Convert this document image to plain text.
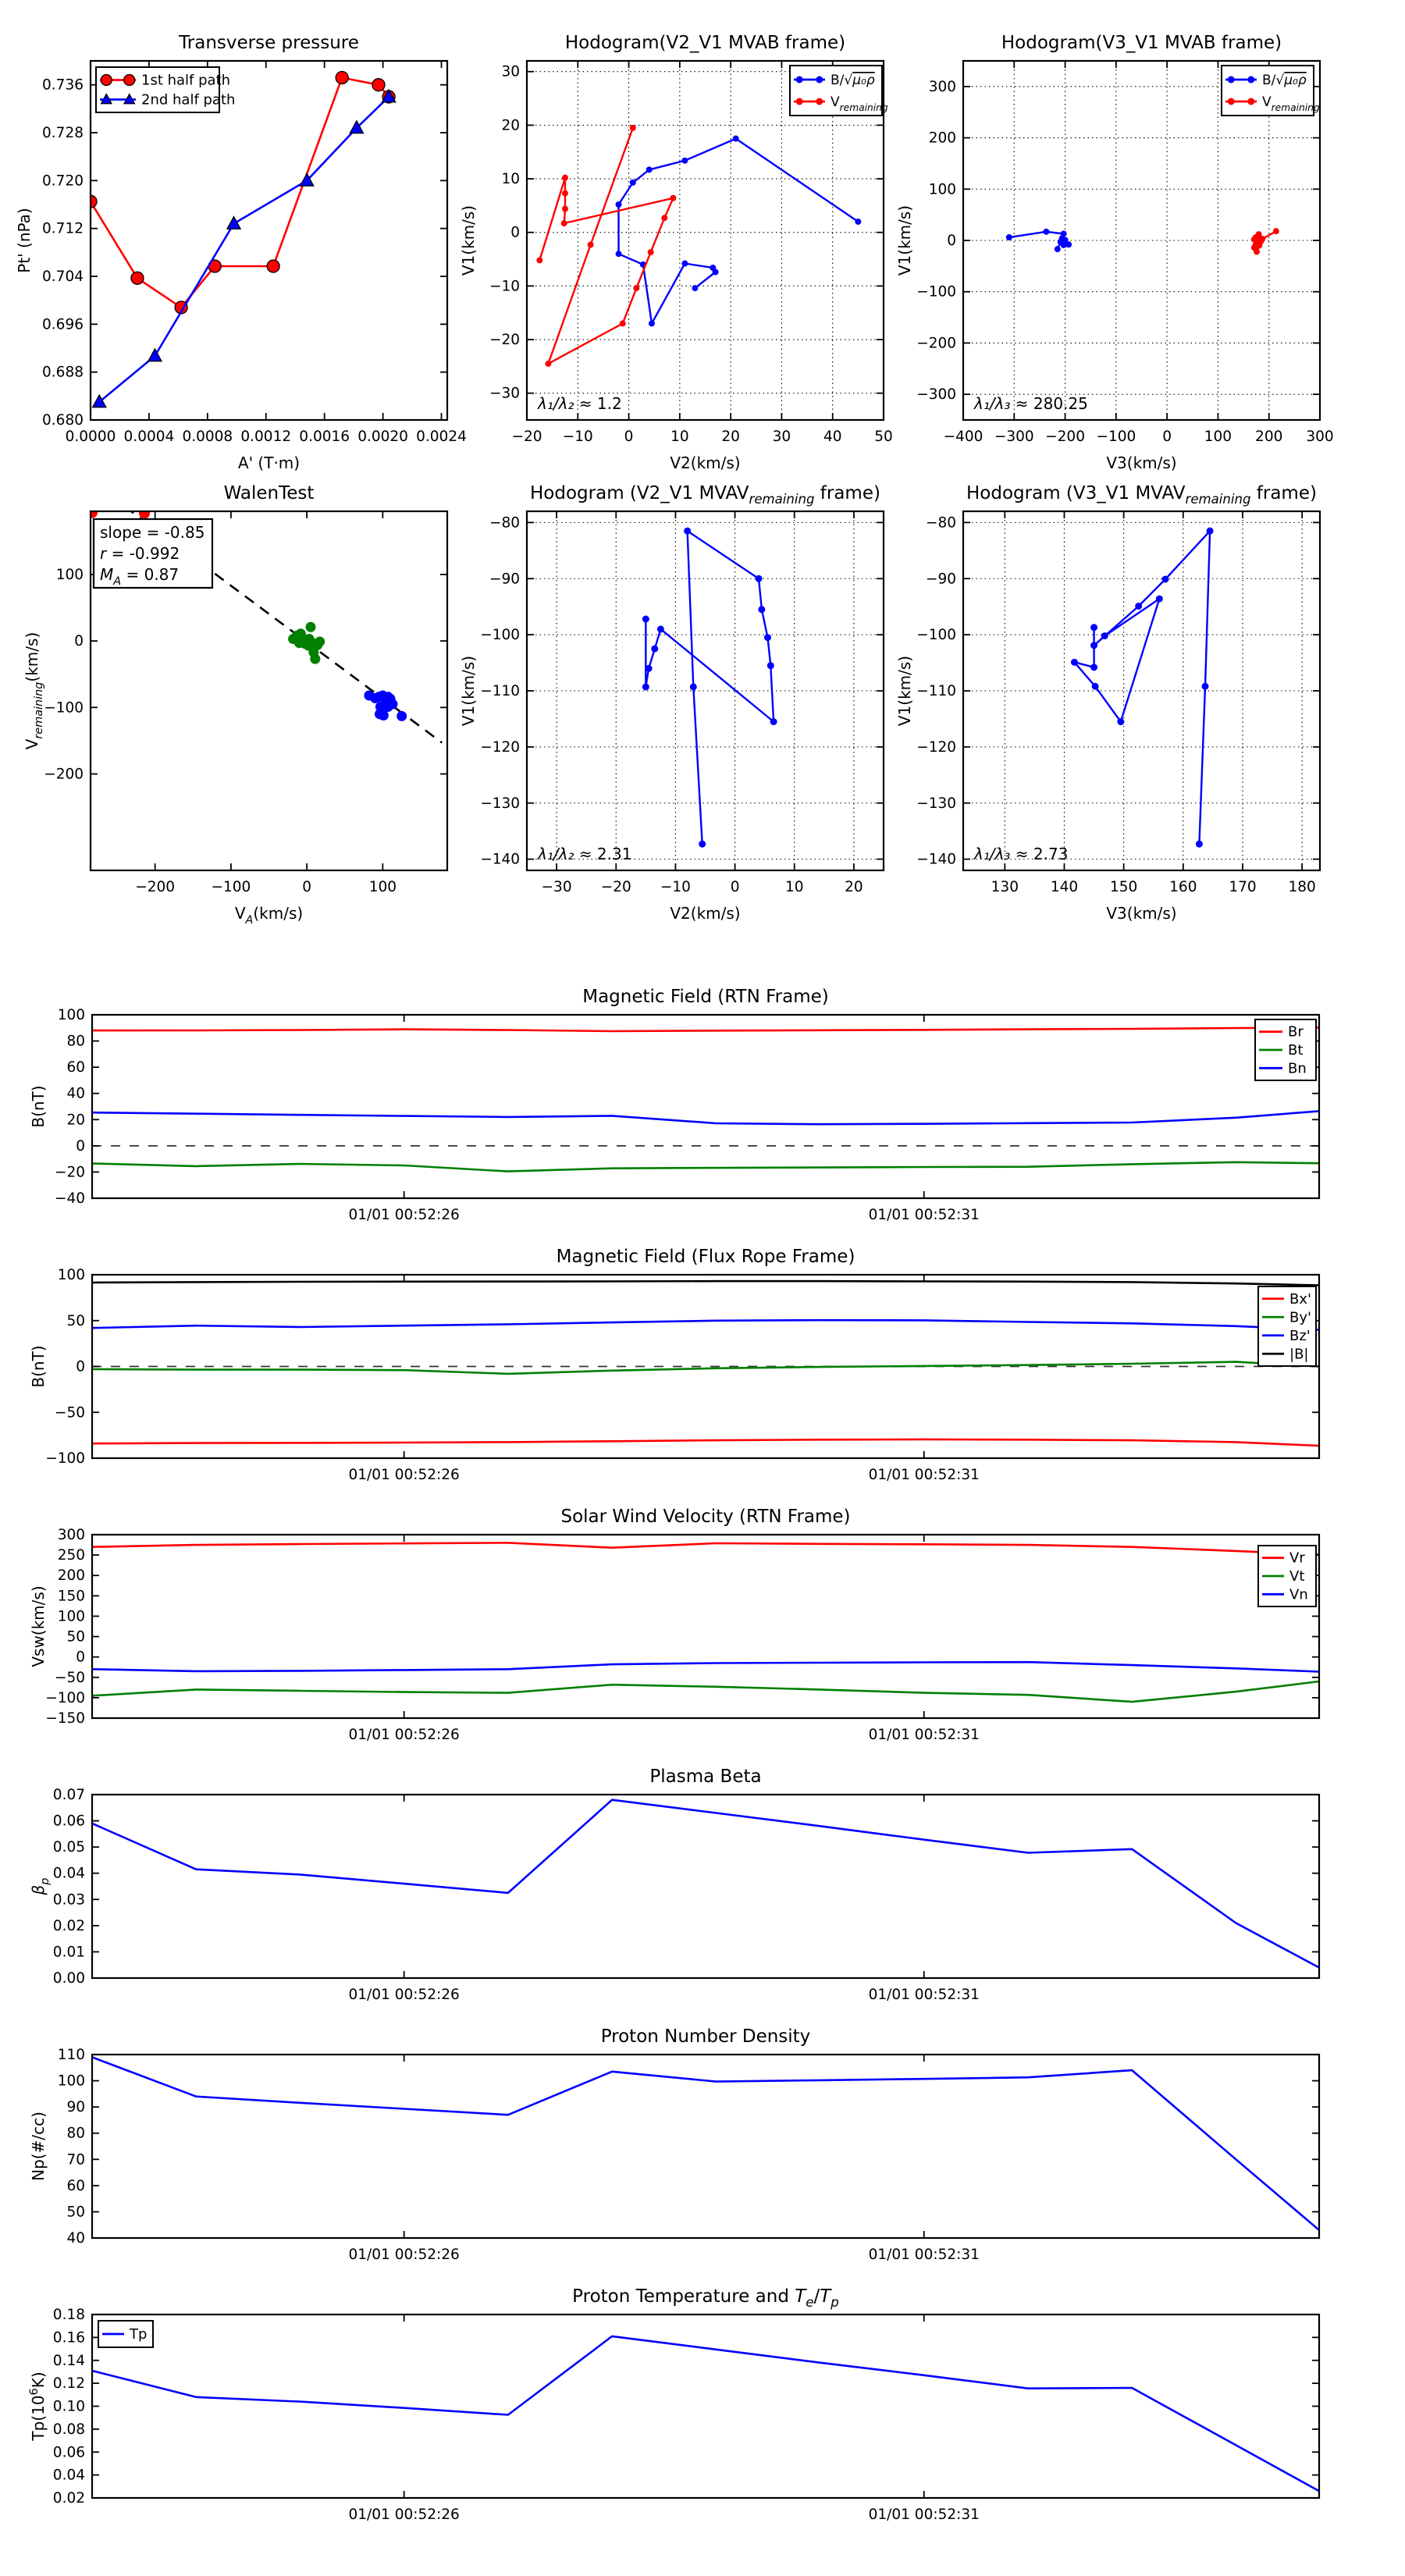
0.0000 0.0004 0.0008 0.0012 0.0016 0.0020 0.0024
0.680
0.688
0.696
0.704
0.712
0.720
0.728
0.736
Transverse pressure
A' (T·m)
Pt' (nPa)
1st half path
2nd half path
−20 −10 0	10 20 30 40 50
−30
−20
−10
0
10
20
30
Hodogram(V2_V1 MVAB frame)
V2(km/s)
V1(km/s)
λ₁/λ₂ ≈ 1.2
B/√μ₀ρ
$V_{remaining}$
−400 −300 −200 −100 0 100 200 300
−300
−200
−100
0
100
200
300
Hodogram(V3_V1 MVAB frame)
V3(km/s)
V1(km/s)
λ₁/λ₃ ≈ 280.25
B/√μ₀ρ
$V_{remaining}$
−200	−100	0	100
−200
−100
0
100
WalenTest
$V_A(km/s)$
$V_{remaining}(km/s)$
slope = -0.85
r = -0.992
$M_A = 0.87$
−30 −20 −10	0	10	20
−140
−130
−120
−110
−100
−90
−80
Hodogram (V2_V1 $MVAV_{remaining}$ frame)
V2(km/s)
V1(km/s)
λ₁/λ₂ ≈ 2.31
130 140 150 160 170 180
−140
−130
−120
−110
−100
−90
−80
Hodogram (V3_V1 $MVAV_{remaining}$ frame)
V3(km/s)
V1(km/s)
λ₁/λ₃ ≈ 2.73
01/01 00:52:26	01/01 00:52:31
−40
−20
0
20
40
60
80
100
Magnetic Field (RTN Frame)
B(nT)
Br
Bt
Bn
01/01 00:52:26	01/01 00:52:31
−100
−50
0
50
100
Magnetic Field (Flux Rope Frame)
B(nT)
Bx'
By'
Bz'
|B|
01/01 00:52:26	01/01 00:52:31
−150
−100
−50
0
50
100
150
200
250
300
Solar Wind Velocity (RTN Frame)
Vsw(km/s)
Vr
Vt
Vn
01/01 00:52:26	01/01 00:52:31
0.00
0.01
0.02
0.03
0.04
0.05
0.06
0.07
Plasma Beta
$\beta_p$
01/01 00:52:26	01/01 00:52:31
40
50
60
70
80
90
100
110
Proton Number Density
Np(#/cc)
01/01 00:52:26	01/01 00:52:31
0.02
0.04
0.06
0.08
0.10
0.12
0.14
0.16
0.18
Proton Temperature and $T_e/T_p$
$Tp(10^6K)$
Tp
